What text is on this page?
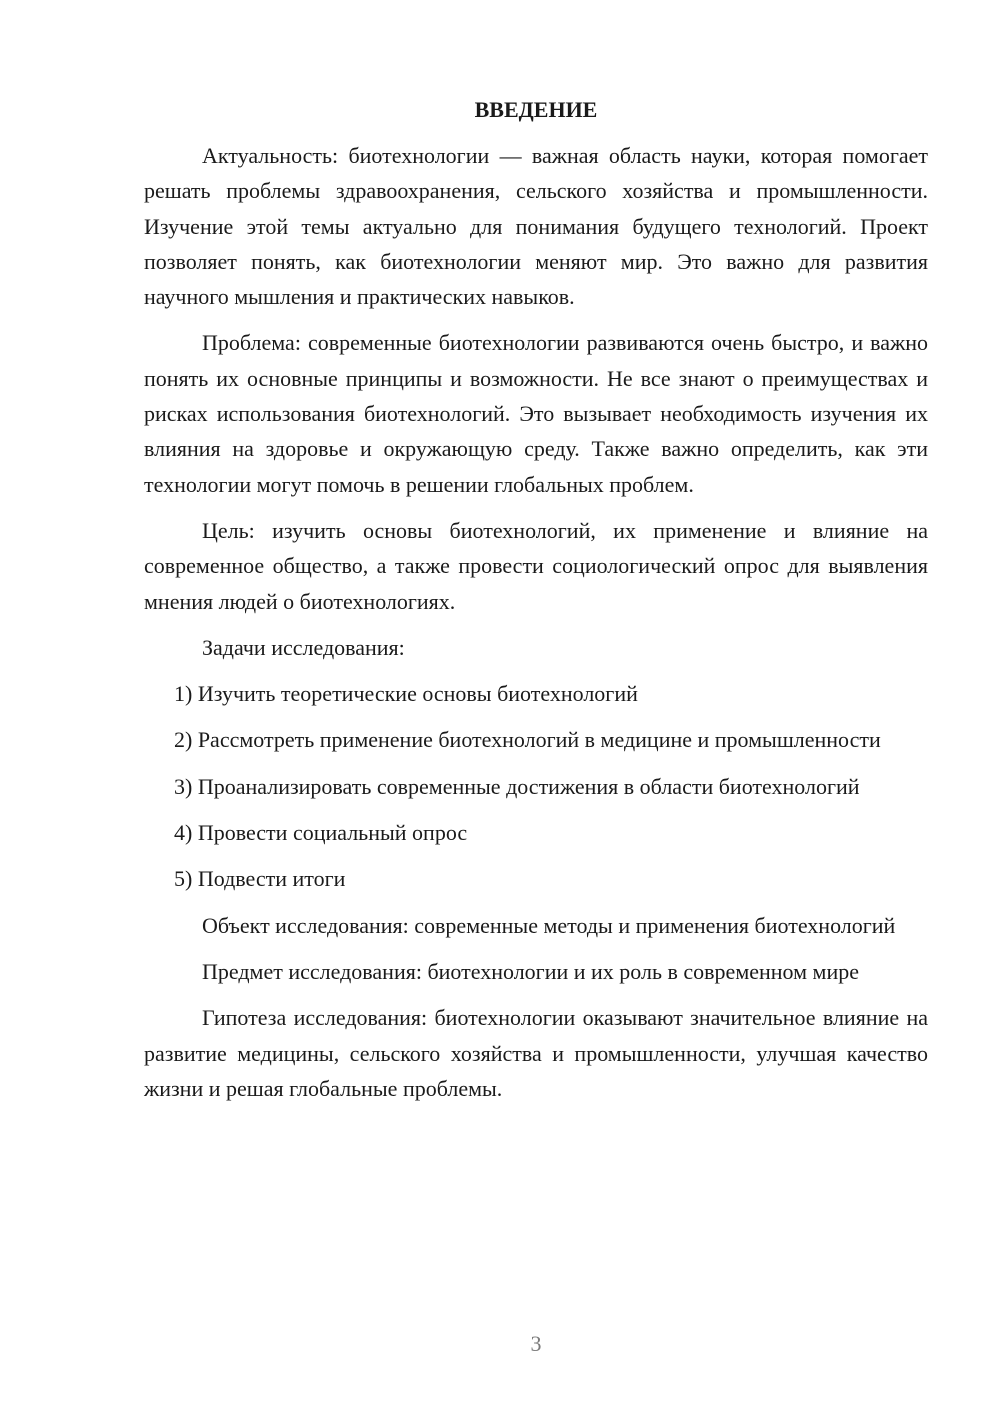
ВВЕДЕНИЕ

Актуальность: биотехнологии — важная область науки, которая помогает решать проблемы здравоохранения, сельского хозяйства и промышленности. Изучение этой темы актуально для понимания будущего технологий. Проект позволяет понять, как биотехнологии меняют мир. Это важно для развития научного мышления и практических навыков.

Проблема: современные биотехнологии развиваются очень быстро, и важно понять их основные принципы и возможности. Не все знают о преимуществах и рисках использования биотехнологий. Это вызывает необходимость изучения их влияния на здоровье и окружающую среду. Также важно определить, как эти технологии могут помочь в решении глобальных проблем.

Цель: изучить основы биотехнологий, их применение и влияние на современное общество, а также провести социологический опрос для выявления мнения людей о биотехнологиях.

Задачи исследования:

1) Изучить теоретические основы биотехнологий

2) Рассмотреть применение биотехнологий в медицине и промышленности

3) Проанализировать современные достижения в области биотехнологий

4) Провести социальный опрос

5) Подвести итоги

Объект исследования: современные методы и применения биотехнологий

Предмет исследования: биотехнологии и их роль в современном мире

Гипотеза исследования: биотехнологии оказывают значительное влияние на развитие медицины, сельского хозяйства и промышленности, улучшая качество жизни и решая глобальные проблемы.

3
